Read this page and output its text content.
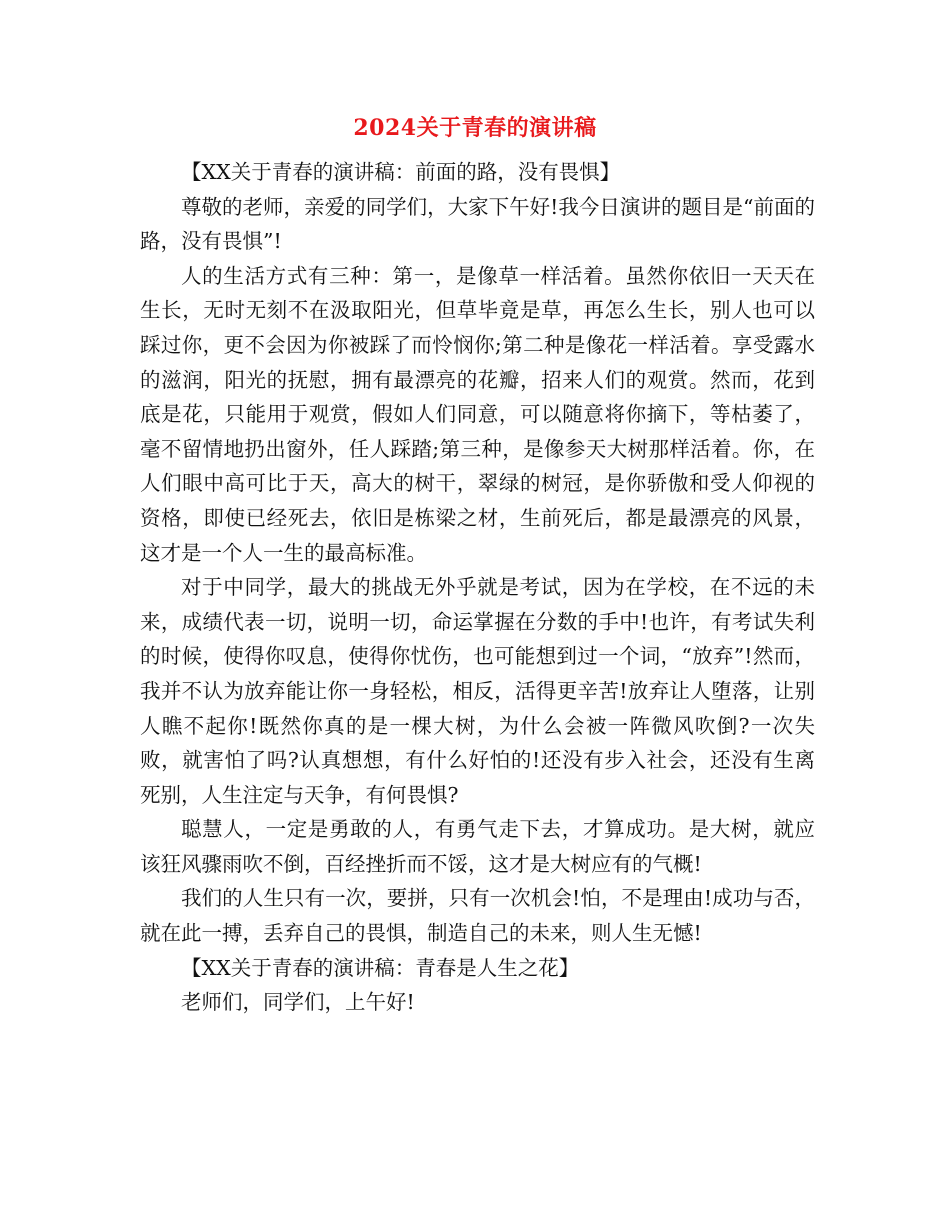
2024关于青春的演讲稿

【XX关于青春的演讲稿：前面的路，没有畏惧】

尊敬的老师，亲爱的同学们，大家下午好!我今日演讲的题目是“前面的路，没有畏惧”!

人的生活方式有三种：第一，是像草一样活着。虽然你依旧一天天在生长，无时无刻不在汲取阳光，但草毕竟是草，再怎么生长，别人也可以踩过你，更不会因为你被踩了而怜悯你;第二种是像花一样活着。享受露水的滋润，阳光的抚慰，拥有最漂亮的花瓣，招来人们的观赏。然而，花到底是花，只能用于观赏，假如人们同意，可以随意将你摘下，等枯萎了，毫不留情地扔出窗外，任人踩踏;第三种，是像参天大树那样活着。你，在人们眼中高可比于天，高大的树干，翠绿的树冠，是你骄傲和受人仰视的资格，即使已经死去，依旧是栋梁之材，生前死后，都是最漂亮的风景，这才是一个人一生的最高标准。

对于中同学，最大的挑战无外乎就是考试，因为在学校，在不远的未来，成绩代表一切，说明一切，命运掌握在分数的手中!也许，有考试失利的时候，使得你叹息，使得你忧伤，也可能想到过一个词，“放弃”!然而，我并不认为放弃能让你一身轻松，相反，活得更辛苦!放弃让人堕落，让别人瞧不起你!既然你真的是一棵大树，为什么会被一阵微风吹倒?一次失败，就害怕了吗?认真想想，有什么好怕的!还没有步入社会，还没有生离死别，人生注定与天争，有何畏惧?

聪慧人，一定是勇敢的人，有勇气走下去，才算成功。是大树，就应该狂风骤雨吹不倒，百经挫折而不馁，这才是大树应有的气概!

我们的人生只有一次，要拼，只有一次机会!怕，不是理由!成功与否，就在此一搏，丢弃自己的畏惧，制造自己的未来，则人生无憾!

【XX关于青春的演讲稿：青春是人生之花】

老师们，同学们，上午好!
